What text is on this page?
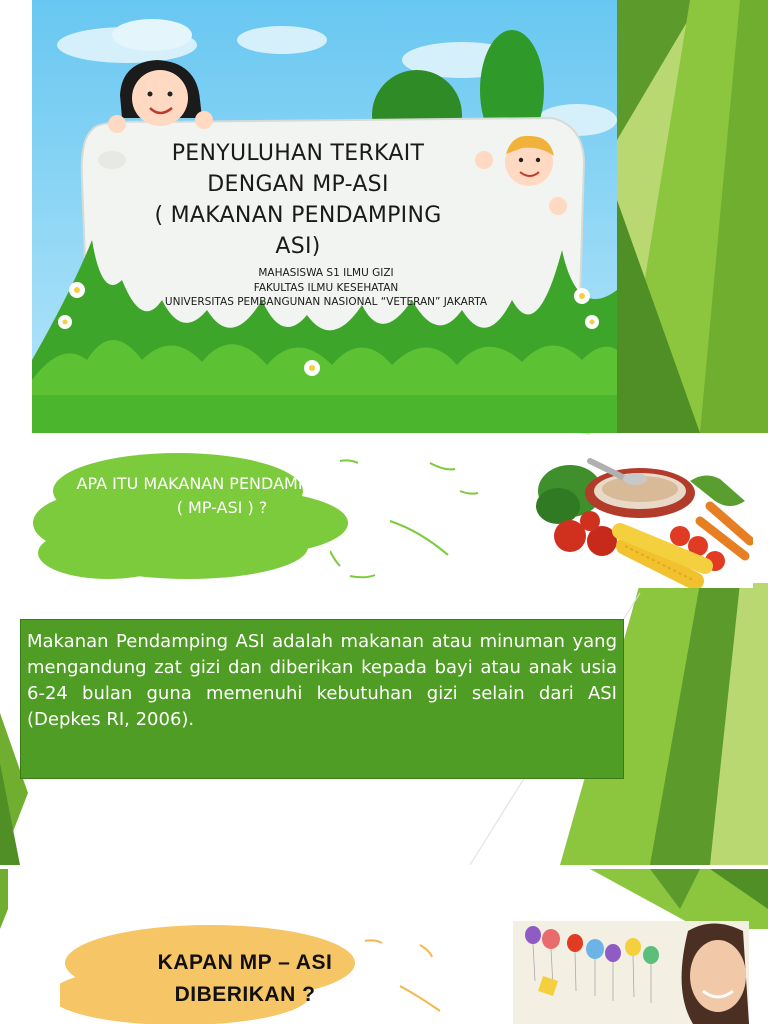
PENYULUHAN TERKAIT
DENGAN MP-ASI
( MAKANAN PENDAMPING
ASI)
MAHASISWA S1 ILMU GIZI
FAKULTAS ILMU KESEHATAN
UNIVERSITAS PEMBANGUNAN NASIONAL “VETERAN” JAKARTA
APA ITU MAKANAN PENDAMPING ASI ( MP-ASI ) ?
Makanan Pendamping ASI adalah makanan atau minuman yang mengandung zat gizi dan diberikan kepada bayi atau anak usia 6-24 bulan guna memenuhi kebutuhan gizi selain dari ASI (Depkes RI, 2006).
KAPAN MP – ASI
DIBERIKAN ?
